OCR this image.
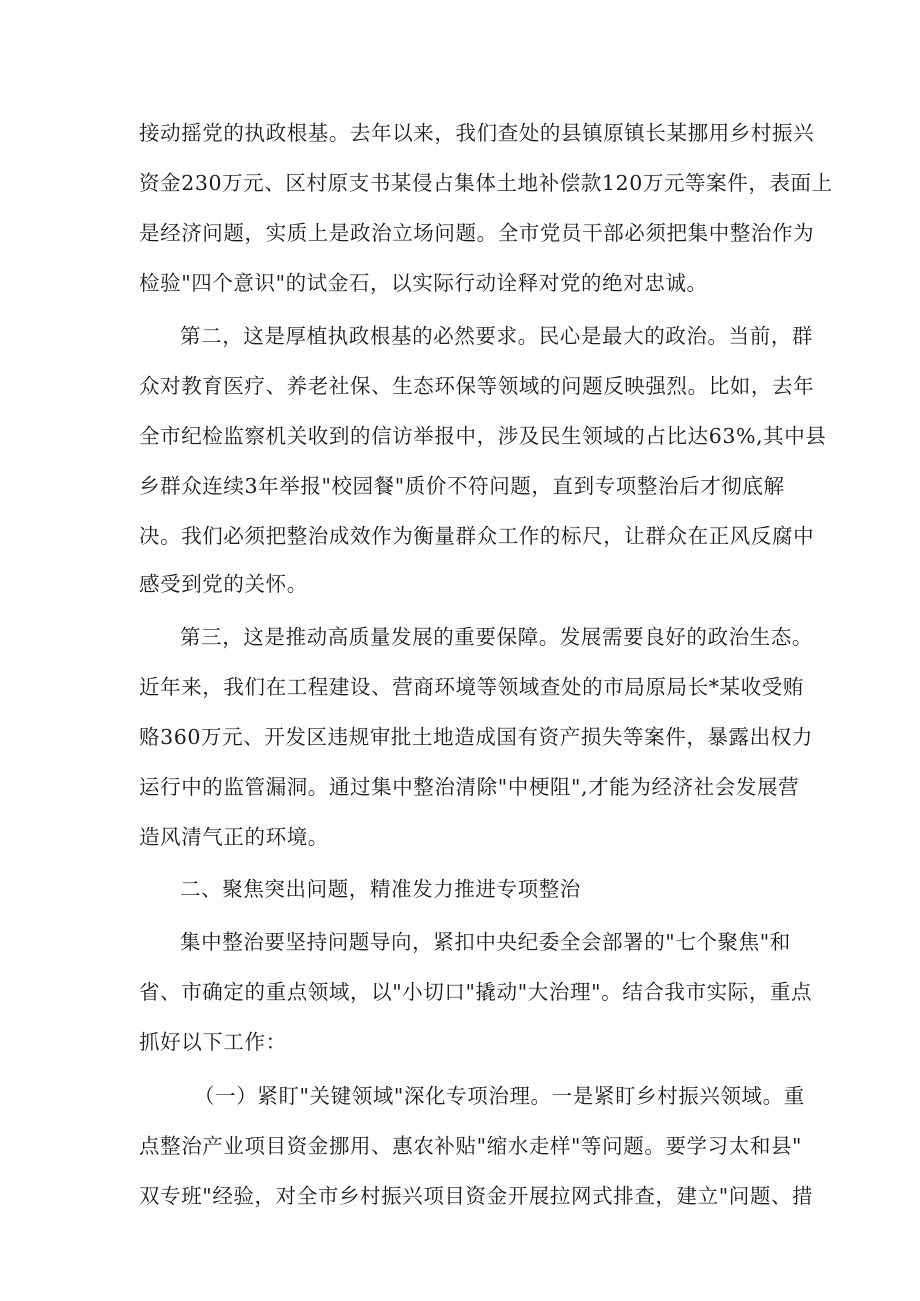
接动摇党的执政根基。去年以来，我们查处的县镇原镇长某挪用乡村振兴
资金230万元、区村原支书某侵占集体土地补偿款120万元等案件，表面上
是经济问题，实质上是政治立场问题。全市党员干部必须把集中整治作为
检验"四个意识"的试金石，以实际行动诠释对党的绝对忠诚。
第二，这是厚植执政根基的必然要求。民心是最大的政治。当前，群
众对教育医疗、养老社保、生态环保等领域的问题反映强烈。比如，去年
全市纪检监察机关收到的信访举报中，涉及民生领域的占比达63%,其中县
乡群众连续3年举报"校园餐"质价不符问题，直到专项整治后才彻底解
决。我们必须把整治成效作为衡量群众工作的标尺，让群众在正风反腐中
感受到党的关怀。
第三，这是推动高质量发展的重要保障。发展需要良好的政治生态。
近年来，我们在工程建设、营商环境等领域查处的市局原局长*某收受贿
赂360万元、开发区违规审批土地造成国有资产损失等案件，暴露出权力
运行中的监管漏洞。通过集中整治清除"中梗阻",才能为经济社会发展营
造风清气正的环境。
二、聚焦突出问题，精准发力推进专项整治
集中整治要坚持问题导向，紧扣中央纪委全会部署的"七个聚焦"和
省、市确定的重点领域，以"小切口"撬动"大治理"。结合我市实际，重点
抓好以下工作：
（一）紧盯"关键领域"深化专项治理。一是紧盯乡村振兴领域。重
点整治产业项目资金挪用、惠农补贴"缩水走样"等问题。要学习太和县"
双专班"经验，对全市乡村振兴项目资金开展拉网式排查，建立"问题、措
